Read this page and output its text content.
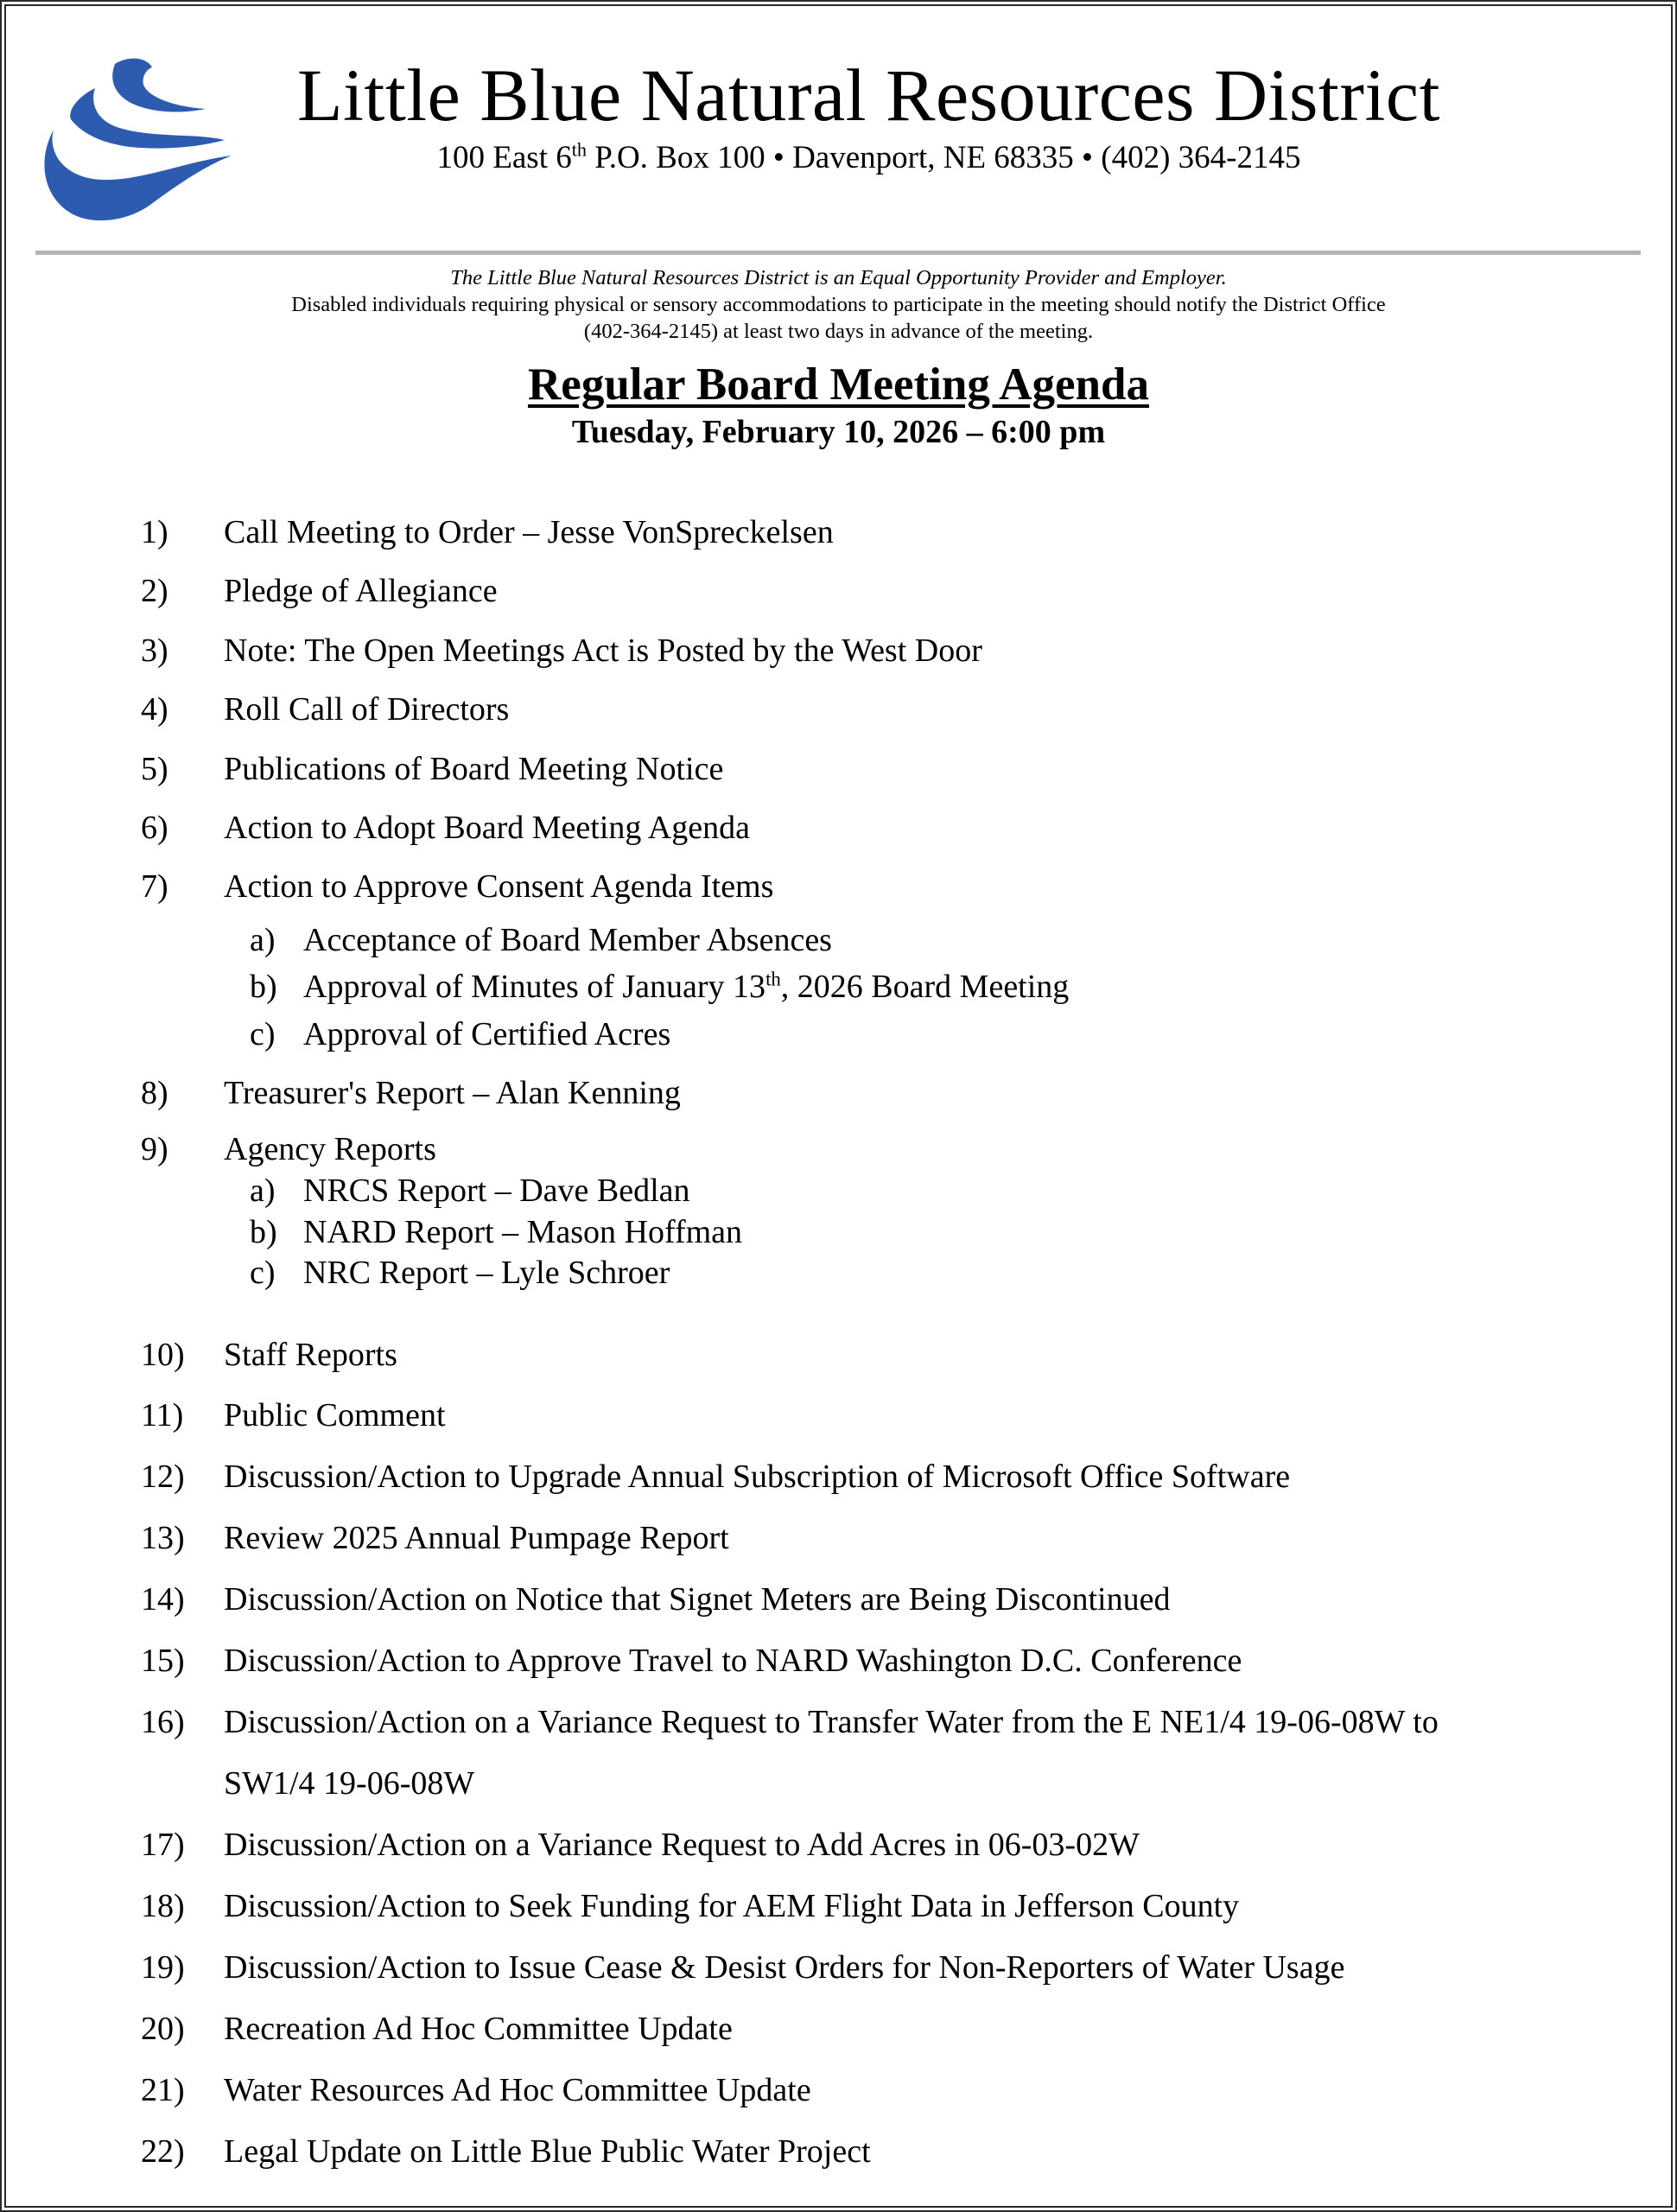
Little Blue Natural Resources District
100 East 6th P.O. Box 100 • Davenport, NE 68335 • (402) 364-2145
The Little Blue Natural Resources District is an Equal Opportunity Provider and Employer.
Disabled individuals requiring physical or sensory accommodations to participate in the meeting should notify the District Office
(402-364-2145) at least two days in advance of the meeting.
Regular Board Meeting Agenda
Tuesday, February 10, 2026 – 6:00 pm
1) Call Meeting to Order – Jesse VonSpreckelsen
2) Pledge of Allegiance
3) Note: The Open Meetings Act is Posted by the West Door
4) Roll Call of Directors
5) Publications of Board Meeting Notice
6) Action to Adopt Board Meeting Agenda
7) Action to Approve Consent Agenda Items
a) Acceptance of Board Member Absences
b) Approval of Minutes of January 13th, 2026 Board Meeting
c) Approval of Certified Acres
8) Treasurer's Report – Alan Kenning
9) Agency Reports
a) NRCS Report – Dave Bedlan
b) NARD Report – Mason Hoffman
c) NRC Report – Lyle Schroer
10) Staff Reports
11) Public Comment
12) Discussion/Action to Upgrade Annual Subscription of Microsoft Office Software
13) Review 2025 Annual Pumpage Report
14) Discussion/Action on Notice that Signet Meters are Being Discontinued
15) Discussion/Action to Approve Travel to NARD Washington D.C. Conference
16) Discussion/Action on a Variance Request to Transfer Water from the E NE1/4 19-06-08W to
SW1/4 19-06-08W
17) Discussion/Action on a Variance Request to Add Acres in 06-03-02W
18) Discussion/Action to Seek Funding for AEM Flight Data in Jefferson County
19) Discussion/Action to Issue Cease & Desist Orders for Non-Reporters of Water Usage
20) Recreation Ad Hoc Committee Update
21) Water Resources Ad Hoc Committee Update
22) Legal Update on Little Blue Public Water Project
